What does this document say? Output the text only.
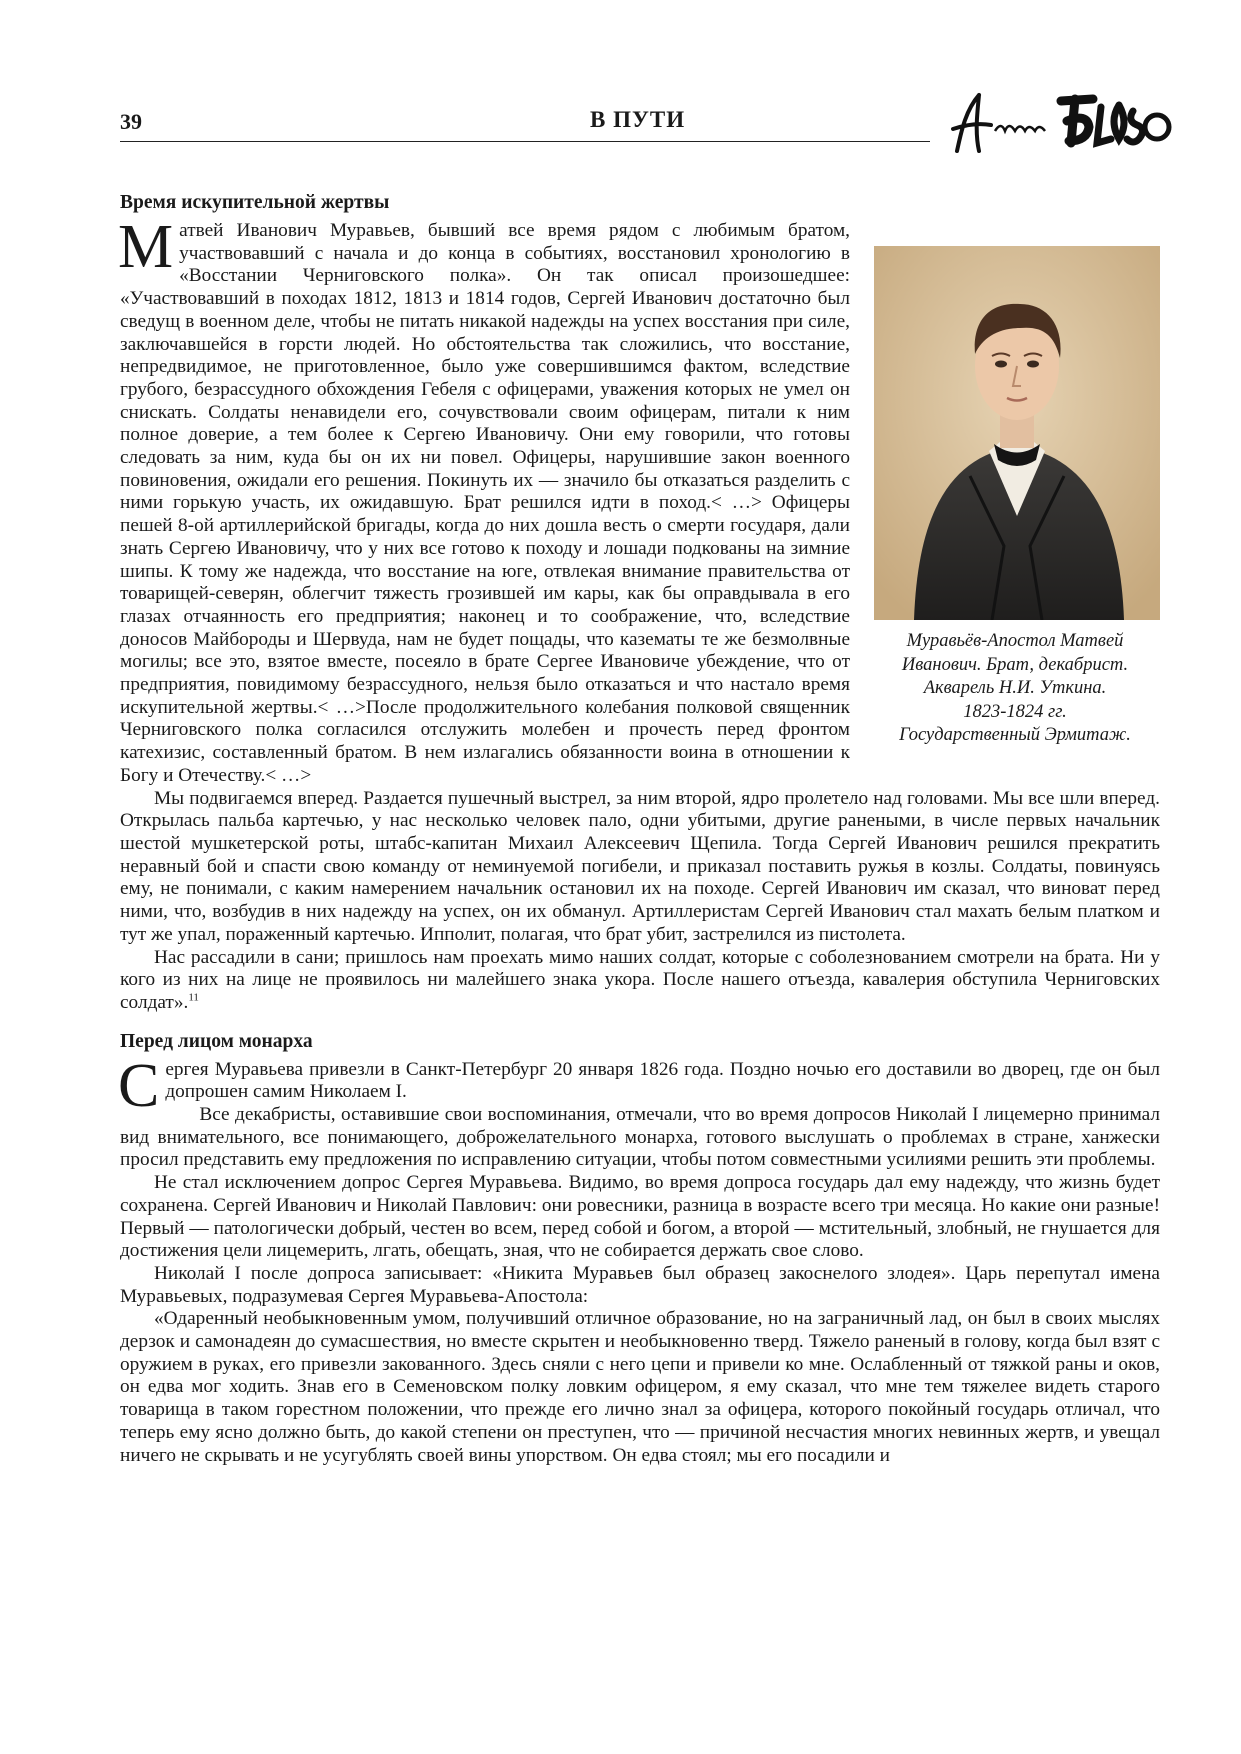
39	В ПУТИ
Время искупительной жертвы
Муравьёв-Апостол Матвей
Иванович. Брат, декабрист.
Акварель Н.И. Уткина.
1823-1824 гг.
Государственный Эрмитаж.

Матвей Иванович Муравьев, бывший все время рядом с любимым братом, участвовавший с начала и до конца в событиях, восстановил хронологию в «Восстании Черниговского полка». Он так описал произошедшее: «Участвовавший в походах 1812, 1813 и 1814 годов, Сергей Иванович достаточно был сведущ в военном деле, чтобы не питать никакой надежды на успех восстания при силе, заключавшейся в горсти людей. Но обстоятельства так сложились, что восстание, непредвидимое, не приготовленное, было уже совершившимся фактом, вследствие грубого, безрассудного обхождения Гебеля с офицерами, уважения которых не умел он снискать. Солдаты ненавидели его, сочувствовали своим офицерам, питали к ним полное доверие, а тем более к Сергею Ивановичу. Они ему говорили, что готовы следовать за ним, куда бы он их ни повел. Офицеры, нарушившие закон военного повиновения, ожидали его решения. Покинуть их — значило бы отказаться разделить с ними горькую участь, их ожидавшую. Брат решился идти в поход.< …> Офицеры пешей 8-ой артиллерийской бригады, когда до них дошла весть о смерти государя, дали знать Сергею Ивановичу, что у них все готово к походу и лошади подкованы на зимние шипы. К тому же надежда, что восстание на юге, отвлекая внимание правительства от товарищей-северян, облегчит тяжесть грозившей им кары, как бы оправдывала в его глазах отчаянность его предприятия; наконец и то соображение, что, вследствие доносов Майбороды и Шервуда, нам не будет пощады, что казематы те же безмолвные могилы; все это, взятое вместе, посеяло в брате Сергее Ивановиче убеждение, что от предприятия, повидимому безрассудного, нельзя было отказаться и что настало время искупительной жертвы.< …>После продолжительного колебания полковой священник Черниговского полка согласился отслужить молебен и прочесть перед фронтом катехизис, составленный братом. В нем излагались обязанности воина в отношении к Богу и Отечеству.< …>

Мы подвигаемся вперед. Раздается пушечный выстрел, за ним второй, ядро пролетело над головами. Мы все шли вперед. Открылась пальба картечью, у нас несколько человек пало, одни убитыми, другие ранеными, в числе первых начальник шестой мушкетерской роты, штабс-капитан Михаил Алексеевич Щепила. Тогда Сергей Иванович решился прекратить неравный бой и спасти свою команду от неминуемой погибели, и приказал поставить ружья в козлы. Солдаты, повинуясь ему, не понимали, с каким намерением начальник остановил их на походе. Сергей Иванович им сказал, что виноват перед ними, что, возбудив в них надежду на успех, он их обманул. Артиллеристам Сергей Иванович стал махать белым платком и тут же упал, пораженный картечью. Ипполит, полагая, что брат убит, застрелился из пистолета.

Нас рассадили в сани; пришлось нам проехать мимо наших солдат, которые с соболезнованием смотрели на брата. Ни у кого из них на лице не проявилось ни малейшего знака укора. После нашего отъезда, кавалерия обступила Черниговских солдат».$^{11}$

Перед лицом монарха

Сергея Муравьева привезли в Санкт-Петербург 20 января 1826 года. Поздно ночью его доставили во дворец, где он был допрошен самим Николаем I.

Все декабристы, оставившие свои воспоминания, отмечали, что во время допросов Николай I лицемерно принимал вид внимательного, все понимающего, доброжелательного монарха, готового выслушать о проблемах в стране, ханжески просил представить ему предложения по исправлению ситуации, чтобы потом совместными усилиями решить эти проблемы.

Не стал исключением допрос Сергея Муравьева. Видимо, во время допроса государь дал ему надежду, что жизнь будет сохранена. Сергей Иванович и Николай Павлович: они ровесники, разница в возрасте всего три месяца. Но какие они разные! Первый — патологически добрый, честен во всем, перед собой и богом, а второй — мстительный, злобный, не гнушается для достижения цели лицемерить, лгать, обещать, зная, что не собирается держать свое слово.

Николай I после допроса записывает: «Никита Муравьев был образец закоснелого злодея». Царь перепутал имена Муравьевых, подразумевая Сергея Муравьева-Апостола:

«Одаренный необыкновенным умом, получивший отличное образование, но на заграничный лад, он был в своих мыслях дерзок и самонадеян до сумасшествия, но вместе скрытен и необыкновенно тверд. Тяжело раненый в голову, когда был взят с оружием в руках, его привезли закованного. Здесь сняли с него цепи и привели ко мне. Ослабленный от тяжкой раны и оков, он едва мог ходить. Знав его в Семеновском полку ловким офицером, я ему сказал, что мне тем тяжелее видеть старого товарища в таком горестном положении, что прежде его лично знал за офицера, которого покойный государь отличал, что теперь ему ясно должно быть, до какой степени он преступен, что — причиной несчастия многих невинных жертв, и увещал ничего не скрывать и не усугублять своей вины упорством. Он едва стоял; мы его посадили и
